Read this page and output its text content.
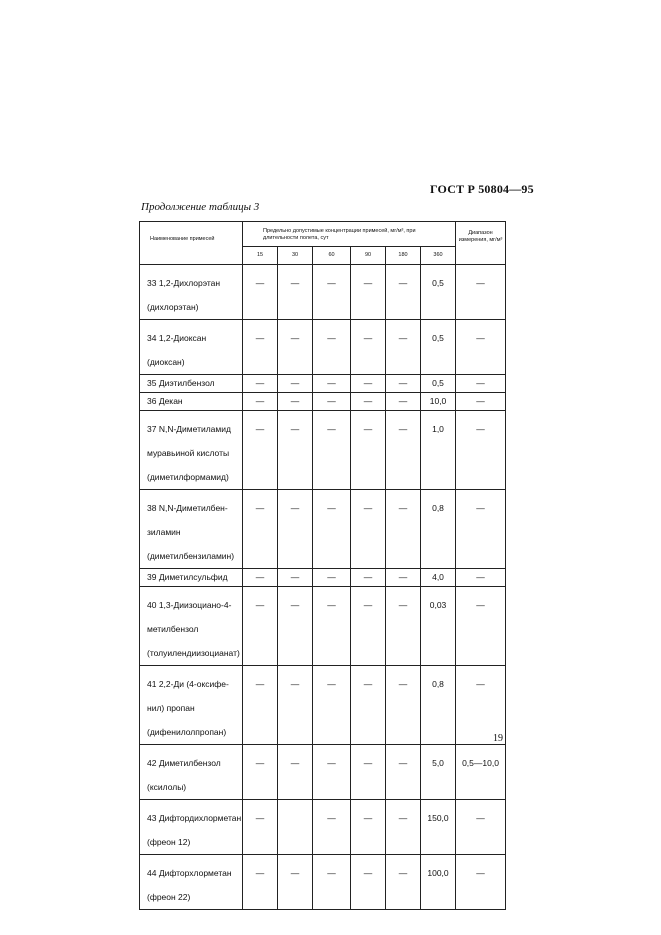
ГОСТ Р 50804—95
Продолжение таблицы 3
Наименование примесей	Предельно допустимые концентрации примесей, мг/м³, при длительности полета, сут						Диапазон измерения, мг/м³
	15	30	60	90	180	360	

33 1,2-Дихлорэтан
(дихлорэтан)	—	—	—	—	—	0,5	—

34 1,2-Диоксан
(диоксан)	—	—	—	—	—	0,5	—

35 Диэтилбензол	—	—	—	—	—	0,5	—

36 Декан	—	—	—	—	—	10,0	—

37 N,N-Диметиламид
муравьиной кислоты
(диметилформамид)	—	—	—	—	—	1,0	—

38 N,N-Диметилбен-
зиламин
(диметилбензиламин)	—	—	—	—	—	0,8	—

39 Диметилсульфид	—	—	—	—	—	4,0	—

40 1,3-Диизоциано-4-
метилбензол
(толуилендиизоцианат)	—	—	—	—	—	0,03	—

41 2,2-Ди (4-оксифе-
нил) пропан
(дифенилолпропан)	—	—	—	—	—	0,8	—

42 Диметилбензол
(ксилолы)	—	—	—	—	—	5,0	0,5—10,0

43 Дифтордихлорметан
(фреон 12)	—		—	—	—	150,0	—

44 Дифторхлорметан
(фреон 22)	—	—	—	—	—	100,0	—
19
